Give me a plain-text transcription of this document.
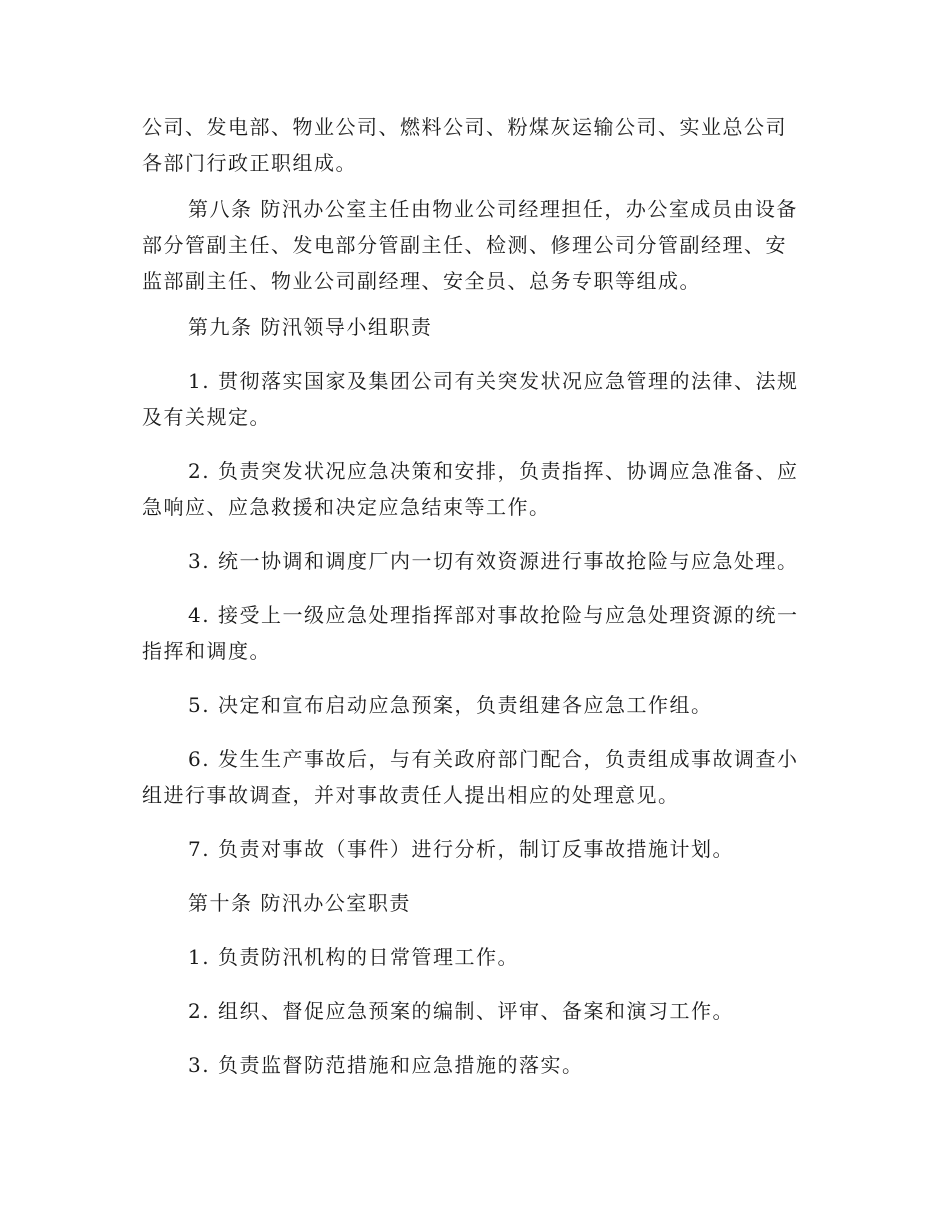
公司、发电部、物业公司、燃料公司、粉煤灰运输公司、实业总公司
各部门行政正职组成。

第八条 防汛办公室主任由物业公司经理担任，办公室成员由设备
部分管副主任、发电部分管副主任、检测、修理公司分管副经理、安
监部副主任、物业公司副经理、安全员、总务专职等组成。

第九条 防汛领导小组职责

1. 贯彻落实国家及集团公司有关突发状况应急管理的法律、法规
及有关规定。

2. 负责突发状况应急决策和安排，负责指挥、协调应急准备、应
急响应、应急救援和决定应急结束等工作。

3. 统一协调和调度厂内一切有效资源进行事故抢险与应急处理。

4. 接受上一级应急处理指挥部对事故抢险与应急处理资源的统一
指挥和调度。

5. 决定和宣布启动应急预案，负责组建各应急工作组。

6. 发生生产事故后，与有关政府部门配合，负责组成事故调查小
组进行事故调查，并对事故责任人提出相应的处理意见。

7. 负责对事故（事件）进行分析，制订反事故措施计划。

第十条 防汛办公室职责

1. 负责防汛机构的日常管理工作。

2. 组织、督促应急预案的编制、评审、备案和演习工作。

3. 负责监督防范措施和应急措施的落实。
